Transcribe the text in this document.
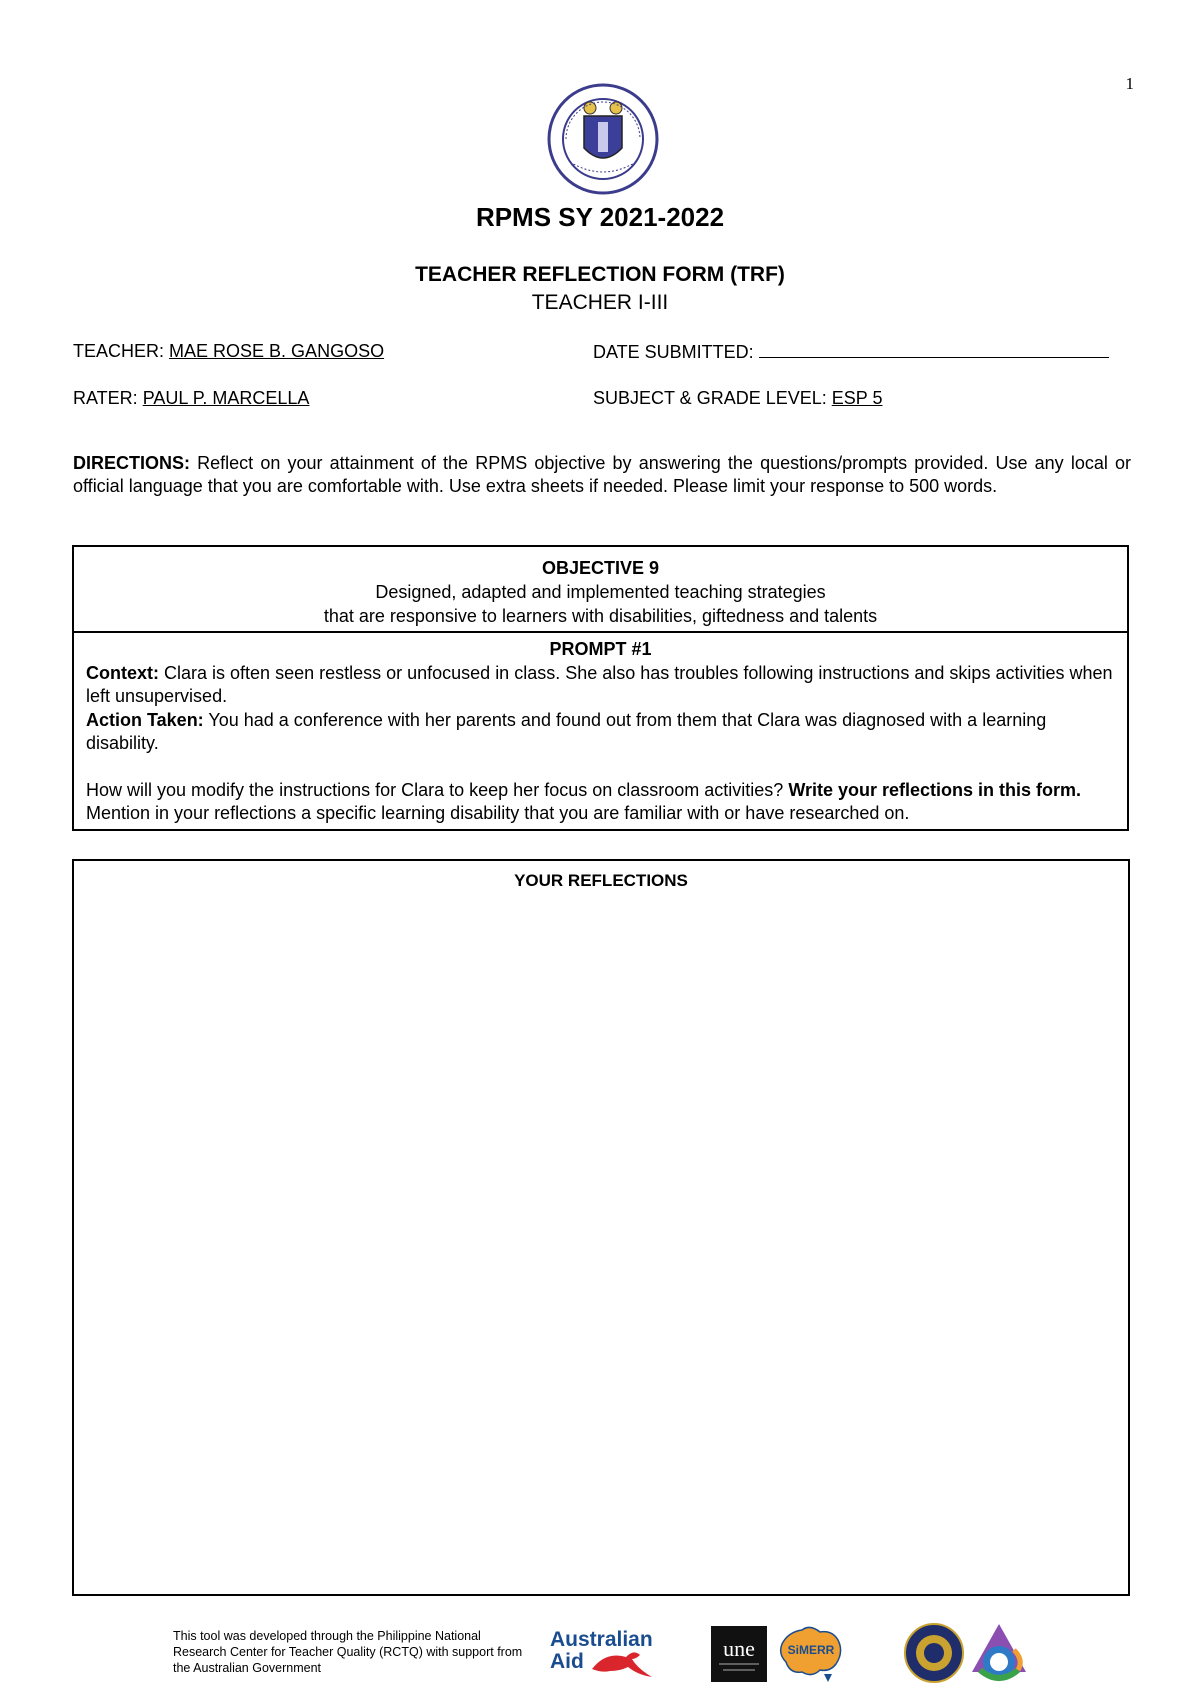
1
RPMS SY 2021-2022
TEACHER REFLECTION FORM (TRF)
TEACHER I-III
TEACHER: MAE ROSE B. GANGOSO	DATE SUBMITTED:
RATER: PAUL P. MARCELLA	SUBJECT & GRADE LEVEL: ESP 5
DIRECTIONS: Reflect on your attainment of the RPMS objective by answering the questions/prompts provided. Use any local or official language that you are comfortable with. Use extra sheets if needed. Please limit your response to 500 words.
OBJECTIVE 9
Designed, adapted and implemented teaching strategies
that are responsive to learners with disabilities, giftedness and talents
PROMPT #1

Context: Clara is often seen restless or unfocused in class. She also has troubles following instructions and skips activities when left unsupervised.

Action Taken: You had a conference with her parents and found out from them that Clara was diagnosed with a learning disability.

How will you modify the instructions for Clara to keep her focus on classroom activities? Write your reflections in this form. Mention in your reflections a specific learning disability that you are familiar with or have researched on.

YOUR REFLECTIONS
This tool was developed through the Philippine National Research Center for Teacher Quality (RCTQ) with support from the Australian Government
Australian
Aid
une	SiMERR
